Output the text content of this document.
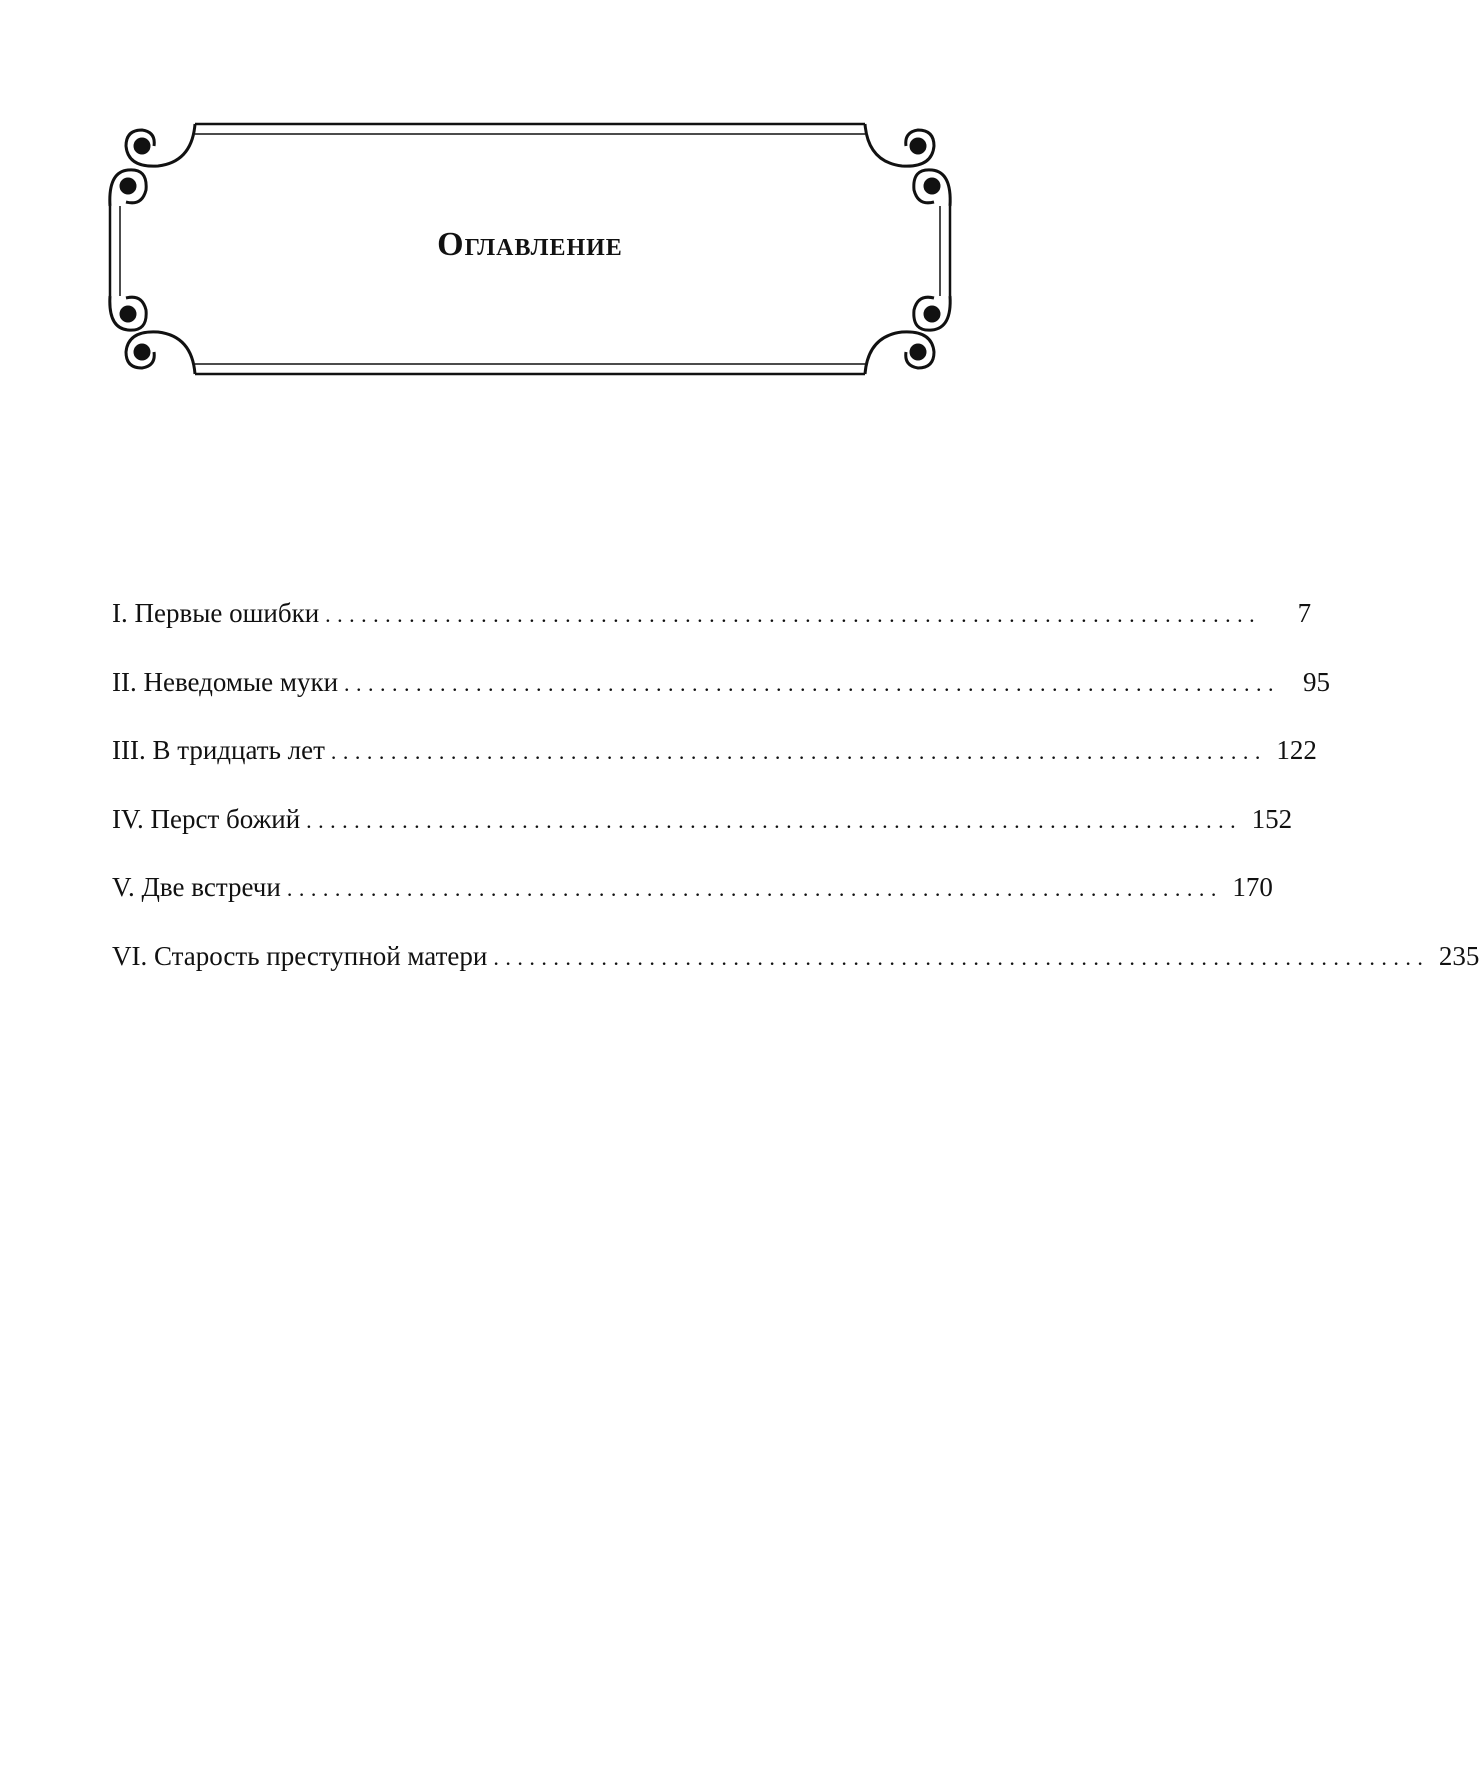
Оглавление
I. Первые ошибки ..............................................................................	7
II. Неведомые муки .............................................................................. 95
III. В тридцать лет .............................................................................. 122
IV. Перст божий .............................................................................. 152
V. Две встречи .............................................................................. 170
VI. Старость преступной матери .............................................................................. 235
